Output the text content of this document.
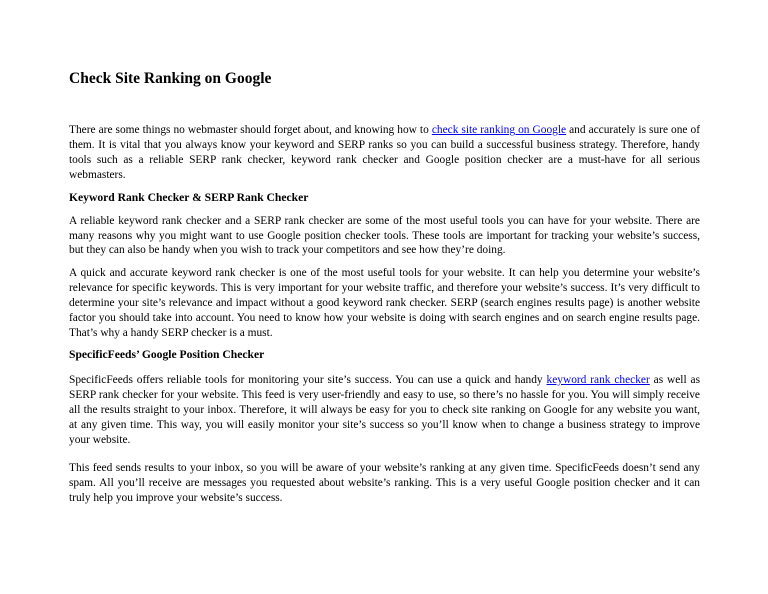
Check Site Ranking on Google

There are some things no webmaster should forget about, and knowing how to check site ranking on Google and accurately is sure one of them. It is vital that you always know your keyword and SERP ranks so you can build a successful business strategy. Therefore, handy tools such as a reliable SERP rank checker, keyword rank checker and Google position checker are a must-have for all serious webmasters.

Keyword Rank Checker & SERP Rank Checker

A reliable keyword rank checker and a SERP rank checker are some of the most useful tools you can have for your website. There are many reasons why you might want to use Google position checker tools. These tools are important for tracking your website’s success, but they can also be handy when you wish to track your competitors and see how they’re doing.

A quick and accurate keyword rank checker is one of the most useful tools for your website. It can help you determine your website’s relevance for specific keywords. This is very important for your website traffic, and therefore your website’s success. It’s very difficult to determine your site’s relevance and impact without a good keyword rank checker. SERP (search engines results page) is another website factor you should take into account. You need to know how your website is doing with search engines and on search engine results page. That’s why a handy SERP checker is a must.

SpecificFeeds’ Google Position Checker

SpecificFeeds offers reliable tools for monitoring your site’s success. You can use a quick and handy keyword rank checker as well as SERP rank checker for your website. This feed is very user-friendly and easy to use, so there’s no hassle for you. You will simply receive all the results straight to your inbox. Therefore, it will always be easy for you to check site ranking on Google for any website you want, at any given time. This way, you will easily monitor your site’s success so you’ll know when to change a business strategy to improve your website.

This feed sends results to your inbox, so you will be aware of your website’s ranking at any given time. SpecificFeeds doesn’t send any spam. All you’ll receive are messages you requested about website’s ranking. This is a very useful Google position checker and it can truly help you improve your website’s success.
